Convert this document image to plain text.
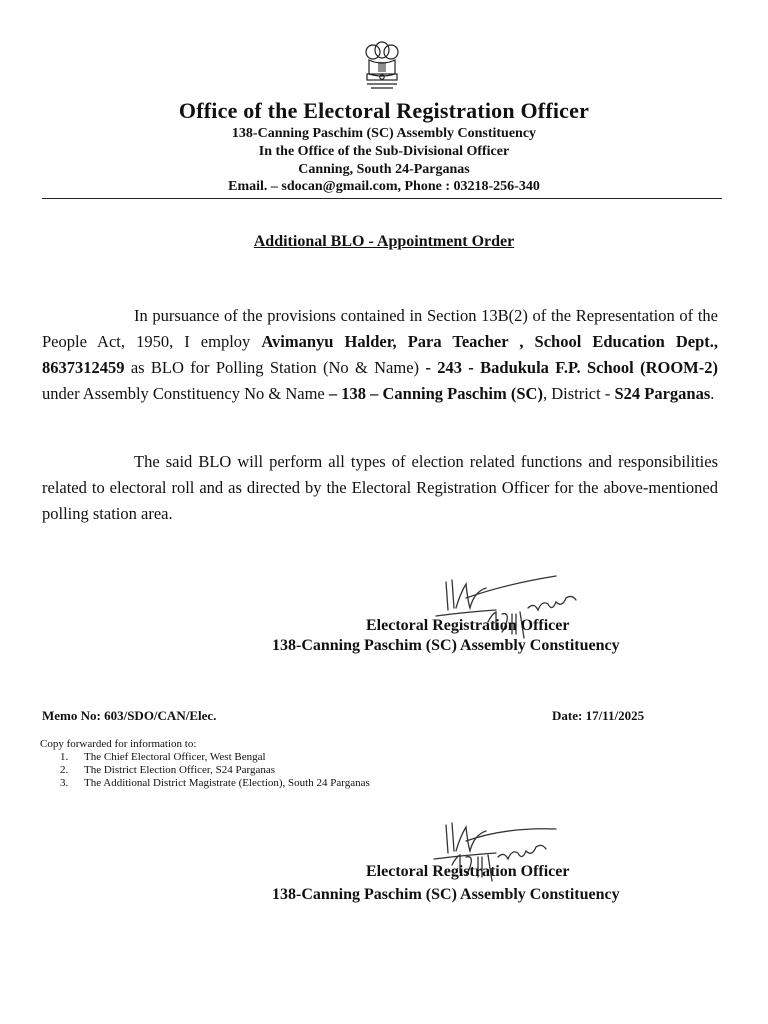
Office of the Electoral Registration Officer
138-Canning Paschim (SC) Assembly Constituency
In the Office of the Sub-Divisional Officer
Canning, South 24-Parganas
Email. – sdocan@gmail.com, Phone : 03218-256-340
Additional BLO - Appointment Order
In pursuance of the provisions contained in Section 13B(2) of the Representation of the People Act, 1950, I employ Avimanyu Halder, Para Teacher , School Education Dept., 8637312459 as BLO for Polling Station (No & Name) - 243 - Badukula F.P. School (ROOM-2) under Assembly Constituency No & Name – 138 – Canning Paschim (SC), District - S24 Parganas.
The said BLO will perform all types of election related functions and responsibilities related to electoral roll and as directed by the Electoral Registration Officer for the above-mentioned polling station area.
Electoral Registration Officer
138-Canning Paschim (SC) Assembly Constituency
Memo No: 603/SDO/CAN/Elec.	Date: 17/11/2025
Copy forwarded for information to:
1. The Chief Electoral Officer, West Bengal
2. The District Election Officer, S24 Parganas
3. The Additional District Magistrate (Election), South 24 Parganas
Electoral Registration Officer
138-Canning Paschim (SC) Assembly Constituency
